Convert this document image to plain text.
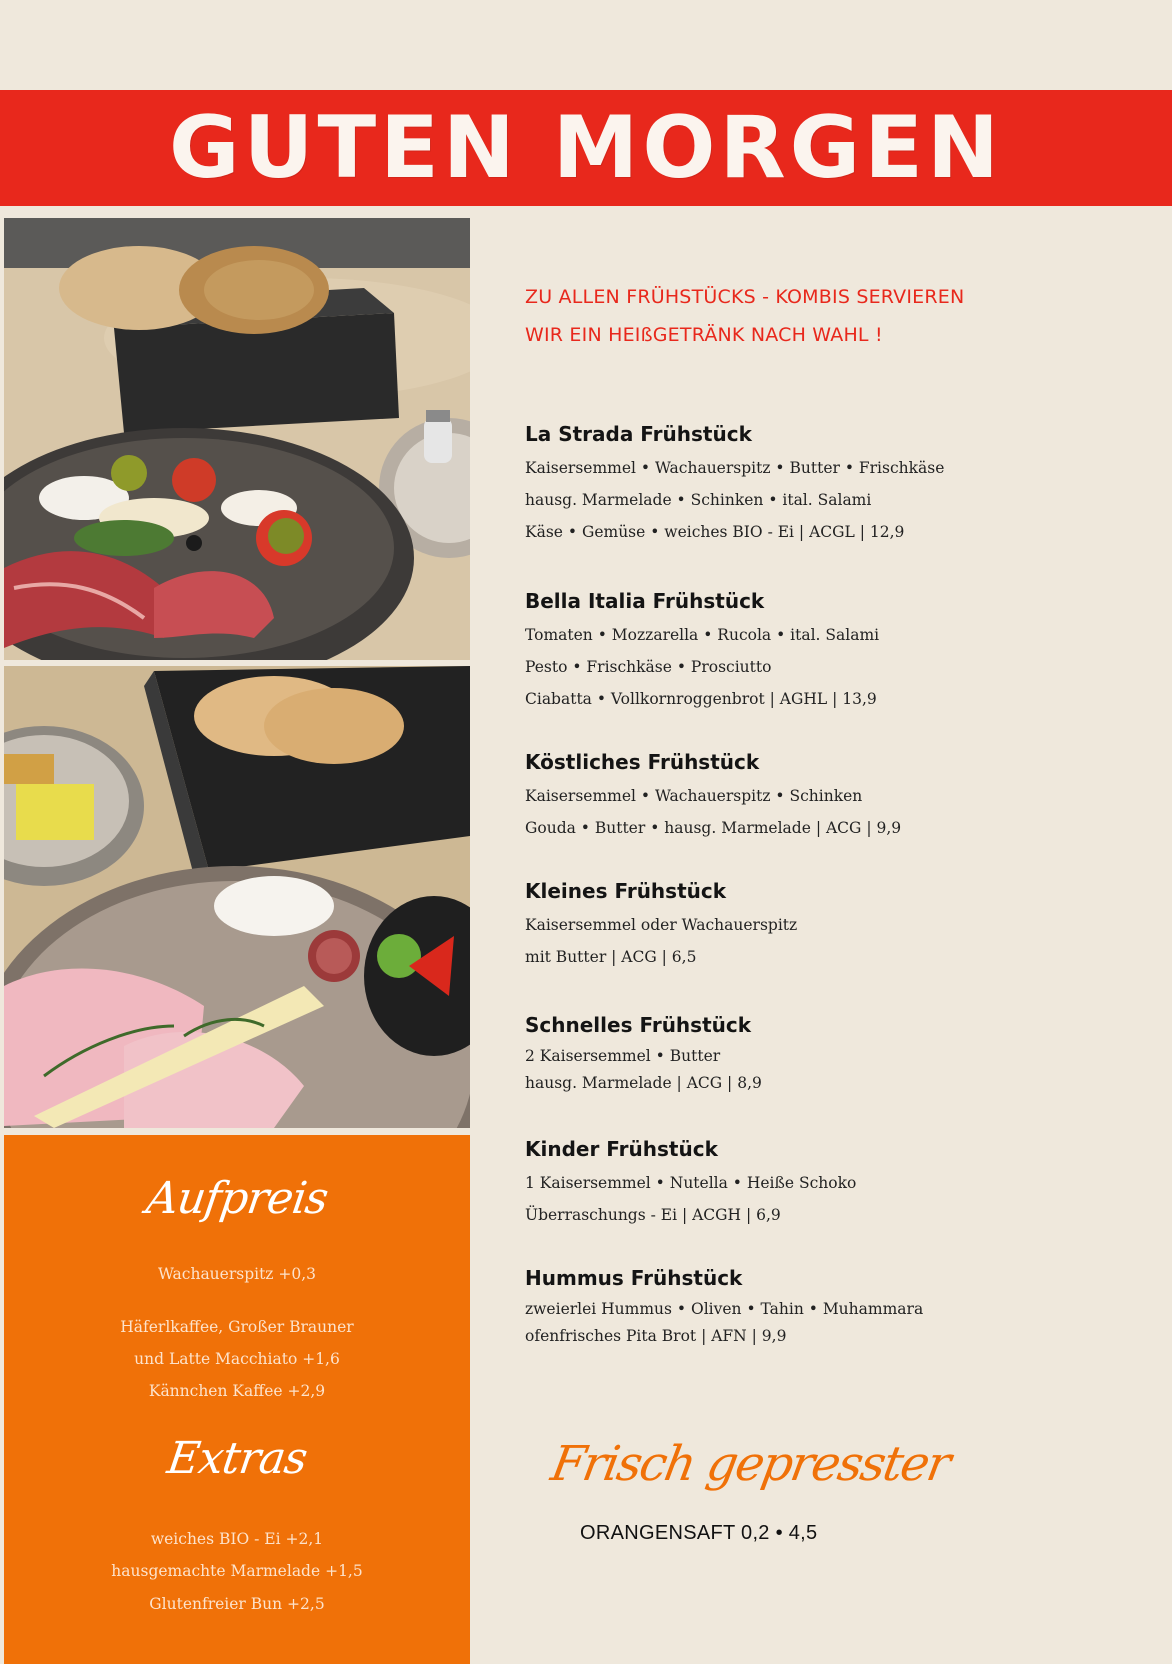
GUTEN MORGEN
Aufpreis
Wachauerspitz +0,3
Häferlkaffee, Großer Brauner
und Latte Macchiato +1,6
Kännchen Kaffee +2,9
Extras
weiches BIO - Ei +2,1
hausgemachte Marmelade +1,5
Glutenfreier Bun +2,5
ZU ALLEN FRÜHSTÜCKS - KOMBIS SERVIEREN
WIR EIN HEIßGETRÄNK NACH WAHL !
La Strada Frühstück
Kaisersemmel • Wachauerspitz • Butter • Frischkäse
hausg. Marmelade • Schinken • ital. Salami
Käse • Gemüse • weiches BIO - Ei | ACGL | 12,9
Bella Italia Frühstück
Tomaten • Mozzarella • Rucola • ital. Salami
Pesto • Frischkäse • Prosciutto
Ciabatta • Vollkornroggenbrot | AGHL | 13,9
Köstliches Frühstück
Kaisersemmel • Wachauerspitz • Schinken
Gouda • Butter • hausg. Marmelade | ACG | 9,9
Kleines Frühstück
Kaisersemmel oder Wachauerspitz
mit Butter | ACG | 6,5
Schnelles Frühstück
2 Kaisersemmel • Butter
hausg. Marmelade | ACG | 8,9
Kinder Frühstück
1 Kaisersemmel • Nutella • Heiße Schoko
Überraschungs - Ei | ACGH | 6,9
Hummus Frühstück
zweierlei Hummus • Oliven • Tahin • Muhammara
ofenfrisches Pita Brot | AFN | 9,9
Frisch gepresster
ORANGENSAFT 0,2 • 4,5
